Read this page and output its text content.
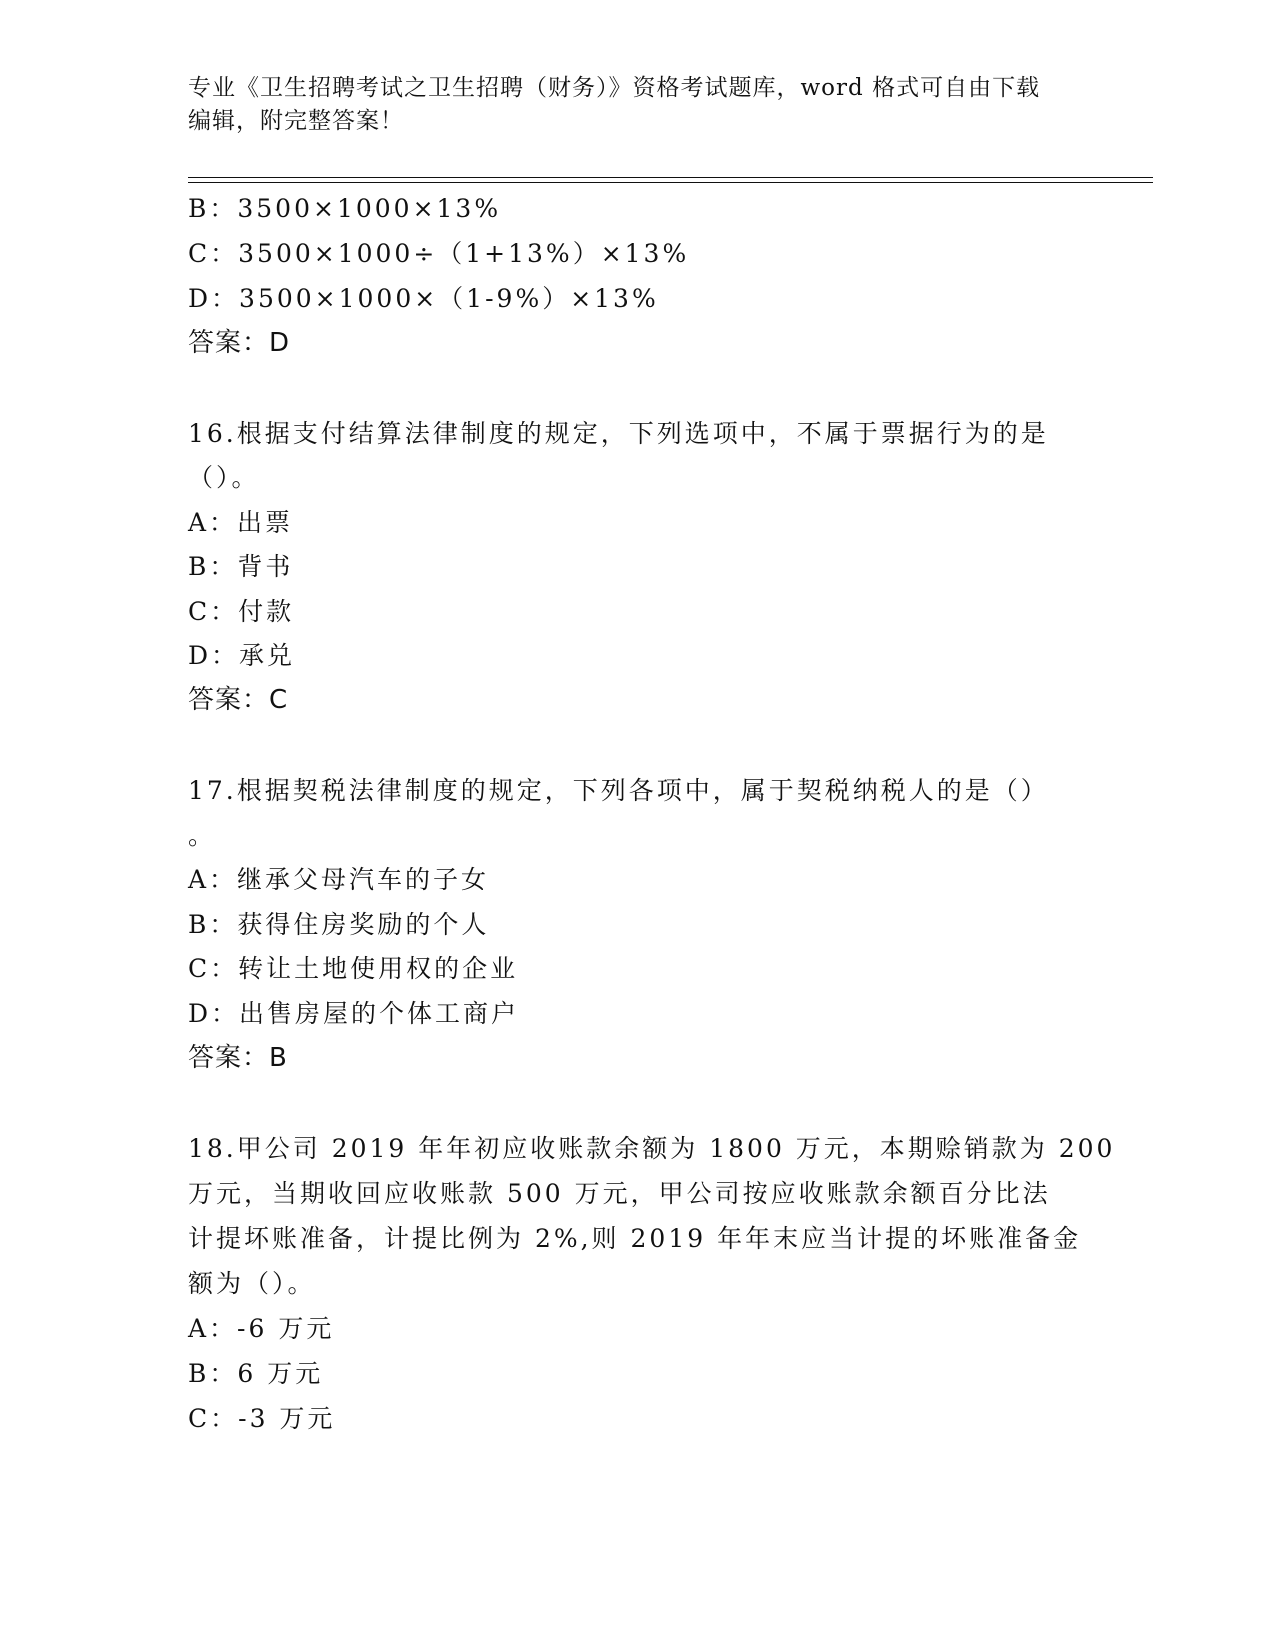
专业《卫生招聘考试之卫生招聘（财务）》资格考试题库，word 格式可自由下载
编辑，附完整答案！
B：3500×1000×13%
C：3500×1000÷（1+13%）×13%
D：3500×1000×（1-9%）×13%
答案：D
16.根据支付结算法律制度的规定，下列选项中，不属于票据行为的是
（）。
A：出票
B：背书
C：付款
D：承兑
答案：C
17.根据契税法律制度的规定，下列各项中，属于契税纳税人的是（）
。
A：继承父母汽车的子女
B：获得住房奖励的个人
C：转让土地使用权的企业
D：出售房屋的个体工商户
答案：B
18.甲公司 2019 年年初应收账款余额为 1800 万元，本期赊销款为 200
万元，当期收回应收账款 500 万元，甲公司按应收账款余额百分比法
计提坏账准备，计提比例为 2%,则 2019 年年末应当计提的坏账准备金
额为（）。
A：-6 万元
B：6 万元
C：-3 万元
